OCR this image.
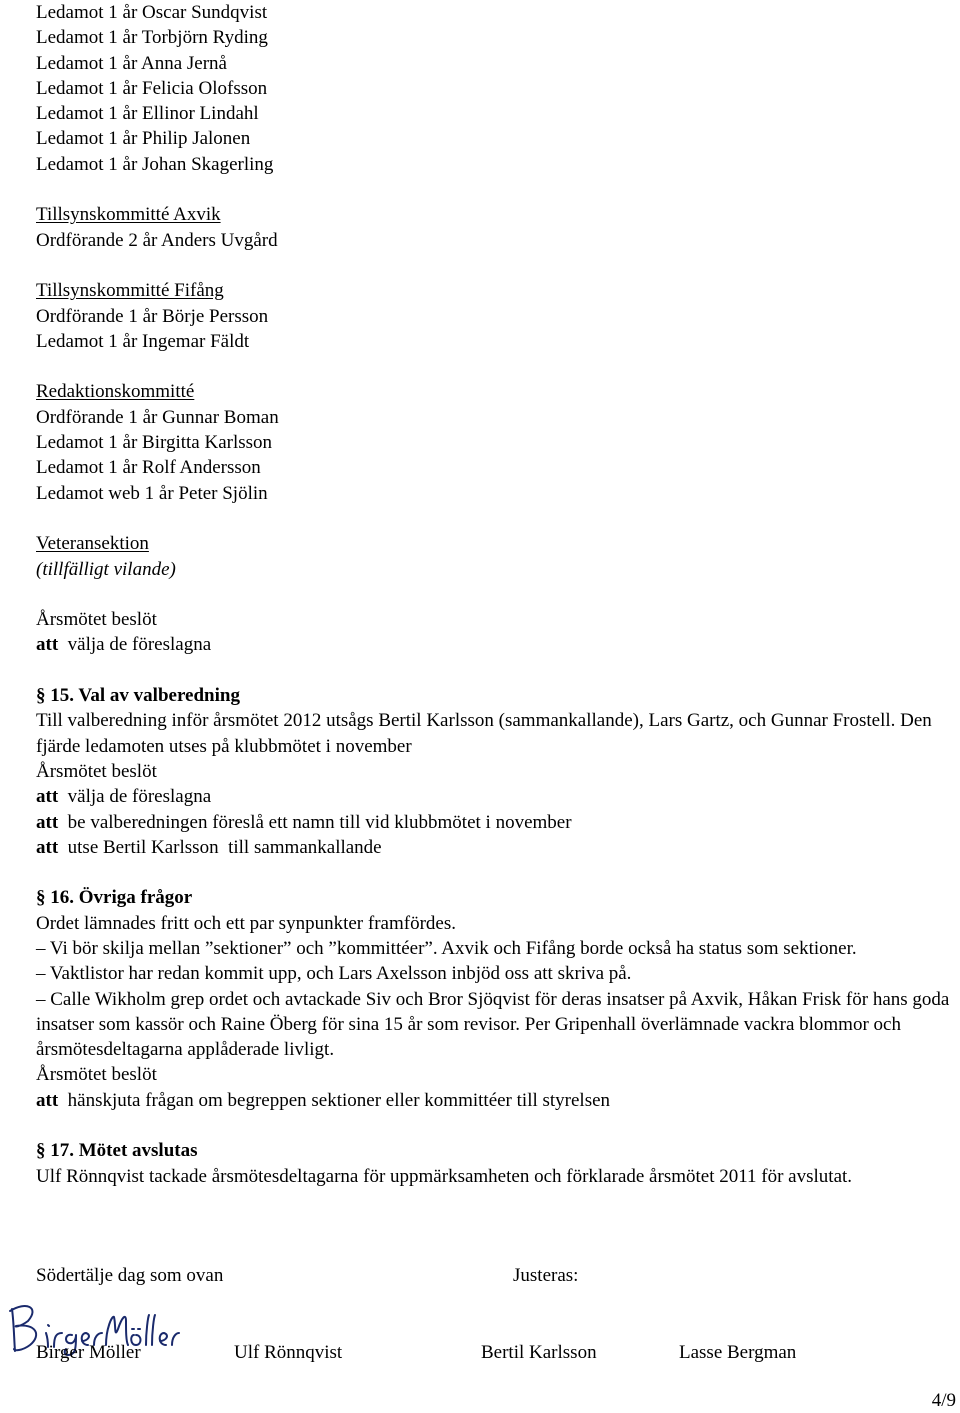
Ledamot 1 år Oscar Sundqvist
Ledamot 1 år Torbjörn Ryding
Ledamot 1 år Anna Jernå
Ledamot 1 år Felicia Olofsson
Ledamot 1 år Ellinor Lindahl
Ledamot 1 år Philip Jalonen
Ledamot 1 år Johan Skagerling
Tillsynskommitté Axvik
Ordförande 2 år Anders Uvgård
Tillsynskommitté Fifång
Ordförande 1 år Börje Persson
Ledamot 1 år Ingemar Fäldt
Redaktionskommitté
Ordförande 1 år Gunnar Boman
Ledamot 1 år Birgitta Karlsson
Ledamot 1 år Rolf Andersson
Ledamot web 1 år Peter Sjölin
Veteransektion
(tillfälligt vilande)
Årsmötet beslöt
att välja de föreslagna
§ 15. Val av valberedning
Till valberedning inför årsmötet 2012 utsågs Bertil Karlsson (sammankallande), Lars Gartz, och Gunnar Frostell. Den fjärde ledamoten utses på klubbmötet i november
Årsmötet beslöt
att välja de föreslagna
att be valberedningen föreslå ett namn till vid klubbmötet i november
att utse Bertil Karlsson  till sammankallande
§ 16. Övriga frågor
Ordet lämnades fritt och ett par synpunkter framfördes.
– Vi bör skilja mellan ”sektioner” och ”kommittéer”. Axvik och Fifång borde också ha status som sektioner.
– Vaktlistor har redan kommit upp, och Lars Axelsson inbjöd oss att skriva på.
– Calle Wikholm grep ordet och avtackade Siv och Bror Sjöqvist för deras insatser på Axvik, Håkan Frisk för hans goda insatser som kassör och Raine Öberg för sina 15 år som revisor. Per Gripenhall överlämnade vackra blommor och årsmötesdeltagarna applåderade livligt.
Årsmötet beslöt
att hänskjuta frågan om begreppen sektioner eller kommittéer till styrelsen
§ 17. Mötet avslutas
Ulf Rönnqvist tackade årsmötesdeltagarna för uppmärksamheten och förklarade årsmötet 2011 för avslutat.
Södertälje dag som ovan	Justeras:
Birger Möller	Ulf Rönnqvist	Bertil Karlsson	Lasse Bergman
4/9
